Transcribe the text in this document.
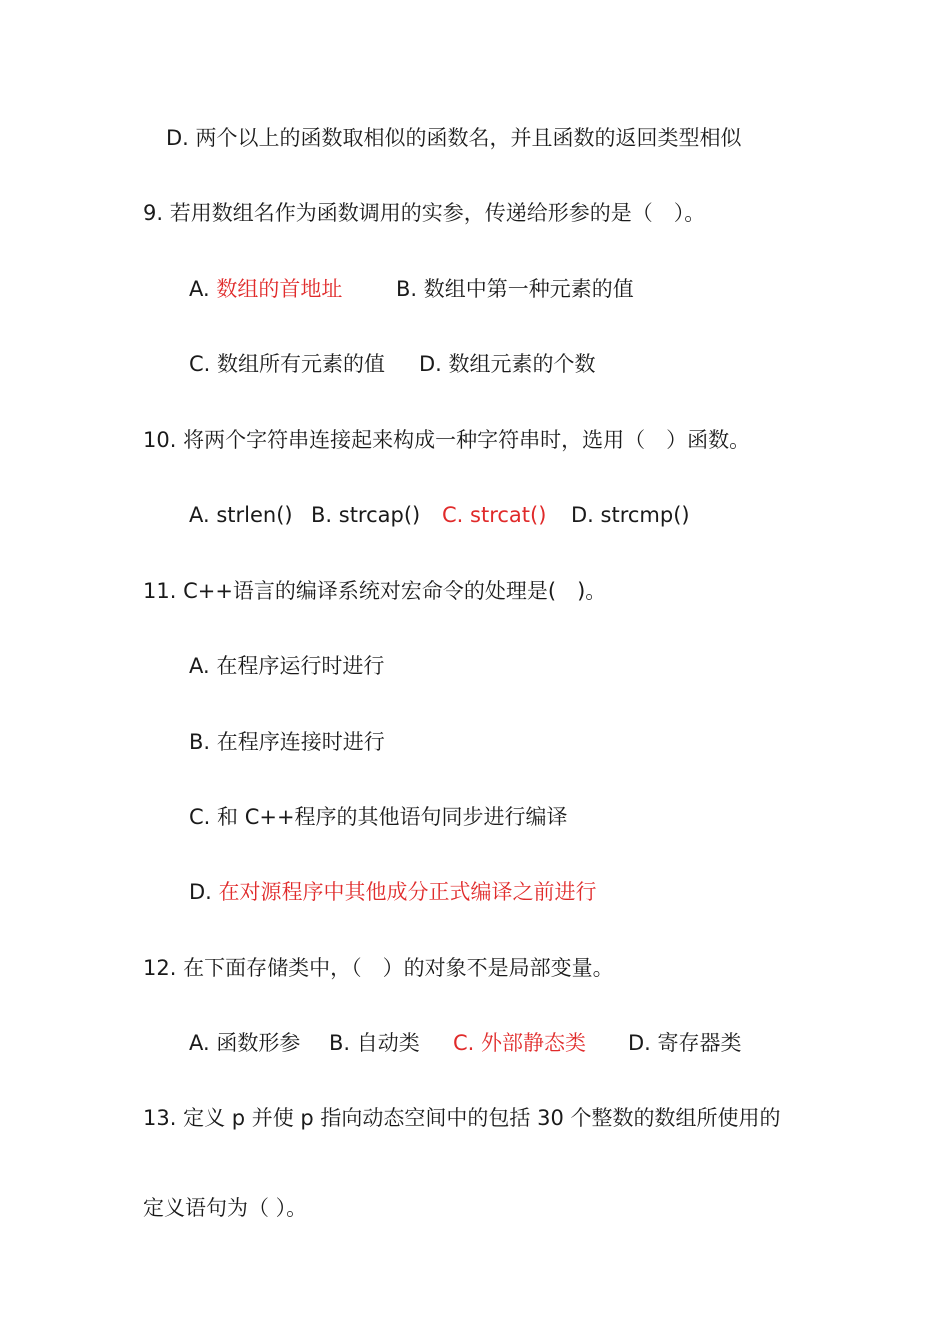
D. 两个以上的函数取相似的函数名，并且函数的返回类型相似
9. 若用数组名作为函数调用的实参，传递给形参的是（　）。
A. 数组的首地址	B. 数组中第一种元素的值
C. 数组所有元素的值 D. 数组元素的个数
10. 将两个字符串连接起来构成一种字符串时，选用（　）函数。
A. strlen() B. strcap() C. strcat() D. strcmp()
11. C++语言的编译系统对宏命令的处理是(　)。
A. 在程序运行时进行
B. 在程序连接时进行
C. 和 C++程序的其他语句同步进行编译
D. 在对源程序中其他成分正式编译之前进行
12. 在下面存储类中，（　）的对象不是局部变量。
A. 函数形参 B. 自动类 C. 外部静态类 D. 寄存器类
13. 定义 p 并使 p 指向动态空间中的包括 30 个整数的数组所使用的
定义语句为（ ）。
